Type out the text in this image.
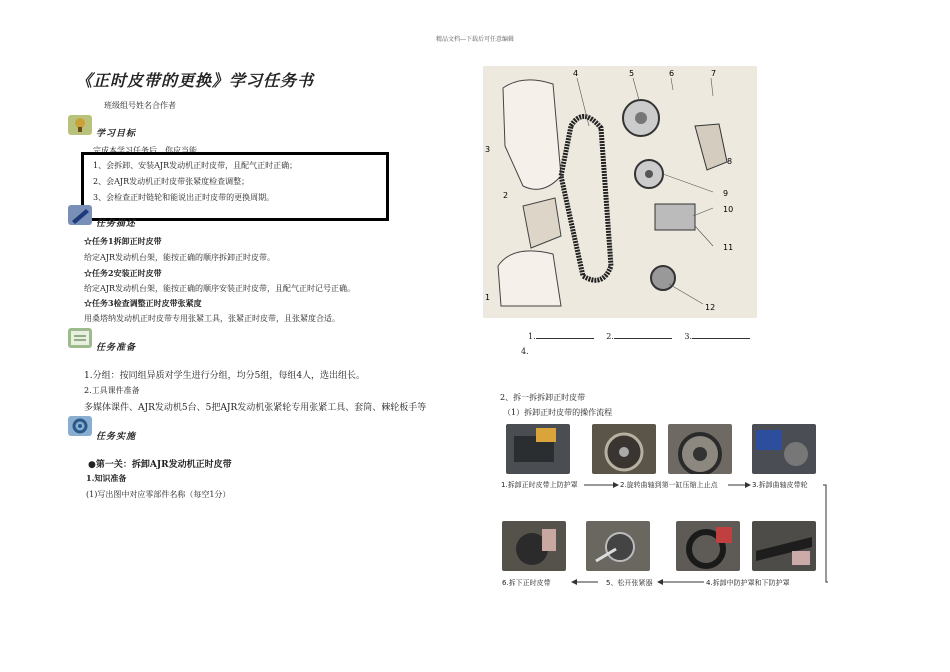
精品文档---下载后可任意编辑
《正时皮带的更换》学习任务书
班级组号姓名合作者
学习目标
完成本学习任务后，你应当能
1、会拆卸、安装AJR发动机正时皮带，且配气正时正确；
2、会AJR发动机正时皮带张紧度检查调整；
3、会检查正时链轮和能说出正时皮带的更换周期。
任务描述
☆任务1拆卸正时皮带
给定AJR发动机台架，能按正确的顺序拆卸正时皮带。
☆任务2安装正时皮带
给定AJR发动机台架，能按正确的顺序安装正时皮带，且配气正时记号正确。
☆任务3检查调整正时皮带张紧度
用桑塔纳发动机正时皮带专用张紧工具，张紧正时皮带，且张紧度合适。
任务准备
1.分组：按同组异质对学生进行分组，均分5组，每组4人，选出组长。
2.工具课件准备
多媒体课件、AJR发动机5台、5把AJR发动机张紧轮专用张紧工具、套筒、棘轮板手等
任务实施
●第一关：拆卸AJR发动机正时皮带
1.知识准备
(1)写出图中对应零部件名称（每空1分）
4	5	6	7
3
2
1
8
9
10
11
12
1.	2.	3.
4.
2、拆一拆拆卸正时皮带
（1）拆卸正时皮带的操作流程
1.拆卸正时皮带上防护罩	2.旋转曲轴到第一缸压缩上止点	3.拆卸曲轴皮带轮
6.拆下正时皮带	5、松开张紧器	4.拆卸中防护罩和下防护罩
